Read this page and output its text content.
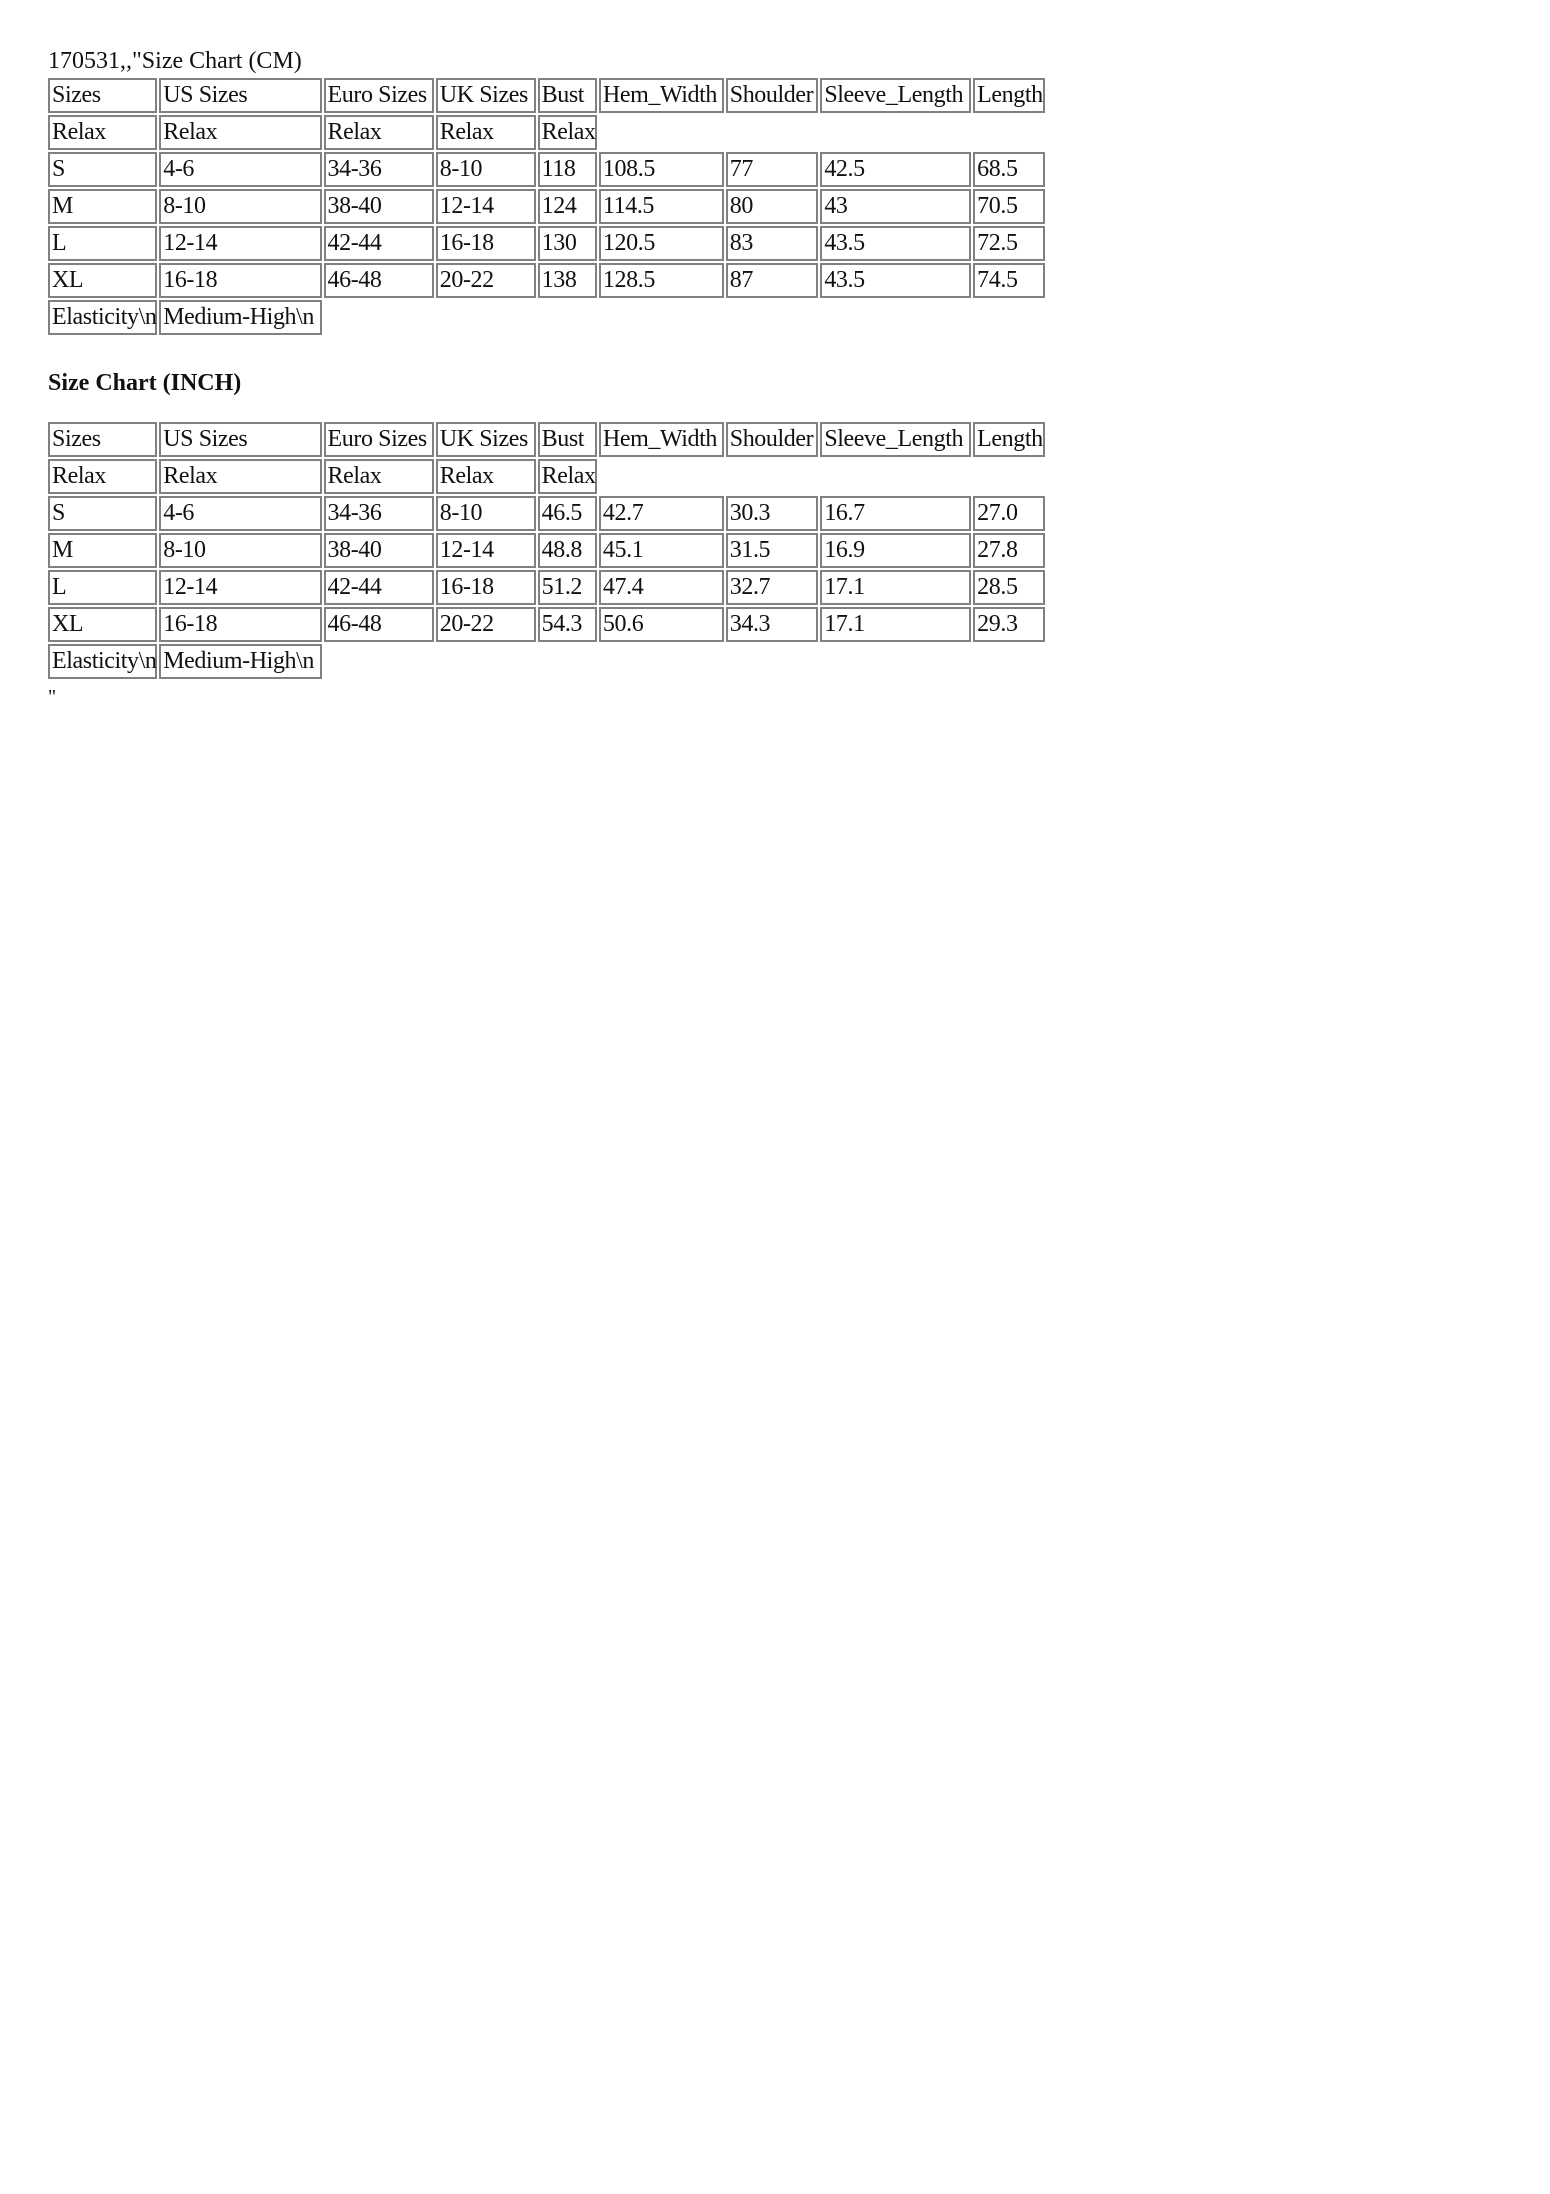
170531,,"Size Chart (CM)
Sizes	US Sizes	Euro Sizes	UK Sizes	Bust	Hem_Width	Shoulder	Sleeve_Length	Length
Relax	Relax	Relax	Relax	Relax				
S	4-6	34-36	8-10	118	108.5	77	42.5	68.5
M	8-10	38-40	12-14	124	114.5	80	43	70.5
L	12-14	42-44	16-18	130	120.5	83	43.5	72.5
XL	16-18	46-48	20-22	138	128.5	87	43.5	74.5
Elasticity\n	Medium-High\n							
Size Chart (INCH)
Sizes	US Sizes	Euro Sizes	UK Sizes	Bust	Hem_Width	Shoulder	Sleeve_Length	Length
Relax	Relax	Relax	Relax	Relax				
S	4-6	34-36	8-10	46.5	42.7	30.3	16.7	27.0
M	8-10	38-40	12-14	48.8	45.1	31.5	16.9	27.8
L	12-14	42-44	16-18	51.2	47.4	32.7	17.1	28.5
XL	16-18	46-48	20-22	54.3	50.6	34.3	17.1	29.3
Elasticity\n	Medium-High\n							
"
